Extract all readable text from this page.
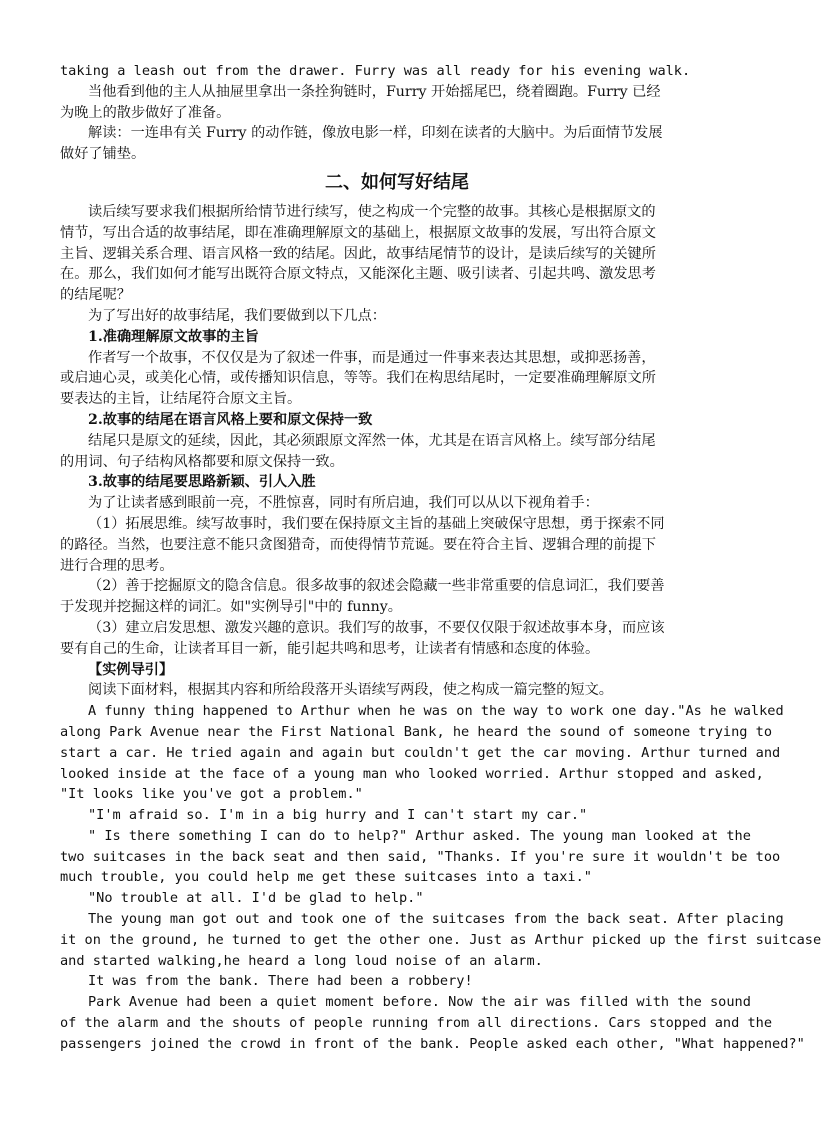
taking a leash out from the drawer. Furry was all ready for his evening walk.
当他看到他的主人从抽屉里拿出一条拴狗链时，Furry 开始摇尾巴，绕着圈跑。Furry 已经
为晚上的散步做好了准备。
解读：一连串有关 Furry 的动作链，像放电影一样，印刻在读者的大脑中。为后面情节发展
做好了铺垫。
二、如何写好结尾
读后续写要求我们根据所给情节进行续写，使之构成一个完整的故事。其核心是根据原文的
情节，写出合适的故事结尾，即在准确理解原文的基础上，根据原文故事的发展，写出符合原文
主旨、逻辑关系合理、语言风格一致的结尾。因此，故事结尾情节的设计，是读后续写的关键所
在。那么，我们如何才能写出既符合原文特点，又能深化主题、吸引读者、引起共鸣、激发思考
的结尾呢？
为了写出好的故事结尾，我们要做到以下几点：
1.准确理解原文故事的主旨
作者写一个故事，不仅仅是为了叙述一件事，而是通过一件事来表达其思想，或抑恶扬善，
或启迪心灵，或美化心情，或传播知识信息，等等。我们在构思结尾时，一定要准确理解原文所
要表达的主旨，让结尾符合原文主旨。
2.故事的结尾在语言风格上要和原文保持一致
结尾只是原文的延续，因此，其必须跟原文浑然一体，尤其是在语言风格上。续写部分结尾
的用词、句子结构风格都要和原文保持一致。
3.故事的结尾要思路新颖、引人入胜
为了让读者感到眼前一亮，不胜惊喜，同时有所启迪，我们可以从以下视角着手：
（1）拓展思维。续写故事时，我们要在保持原文主旨的基础上突破保守思想，勇于探索不同
的路径。当然，也要注意不能只贪图猎奇，而使得情节荒诞。要在符合主旨、逻辑合理的前提下
进行合理的思考。
（2）善于挖掘原文的隐含信息。很多故事的叙述会隐藏一些非常重要的信息词汇，我们要善
于发现并挖掘这样的词汇。如"实例导引"中的 funny。
（3）建立启发思想、激发兴趣的意识。我们写的故事，不要仅仅限于叙述故事本身，而应该
要有自己的生命，让读者耳目一新，能引起共鸣和思考，让读者有情感和态度的体验。
【实例导引】
阅读下面材料，根据其内容和所给段落开头语续写两段，使之构成一篇完整的短文。
A funny thing happened to Arthur when he was on the way to work one day."As he walked
along Park Avenue near the First National Bank, he heard the sound of someone trying to
start a car. He tried again and again but couldn't get the car moving. Arthur turned and
looked inside at the face of a young man who looked worried. Arthur stopped and asked,
"It looks like you've got a problem."
"I'm afraid so. I'm in a big hurry and I can't start my car."
" Is there something I can do to help?" Arthur asked. The young man looked at the
two suitcases in the back seat and then said, "Thanks. If you're sure it wouldn't be too
much trouble, you could help me get these suitcases into a taxi."
"No trouble at all. I'd be glad to help."
The young man got out and took one of the suitcases from the back seat. After placing
it on the ground, he turned to get the other one. Just as Arthur picked up the first suitcase
and started walking,he heard a long loud noise of an alarm.
It was from the bank. There had been a robbery!
Park Avenue had been a quiet moment before. Now the air was filled with the sound
of the alarm and the shouts of people running from all directions. Cars stopped and the
passengers joined the crowd in front of the bank. People asked each other, "What happened?"
